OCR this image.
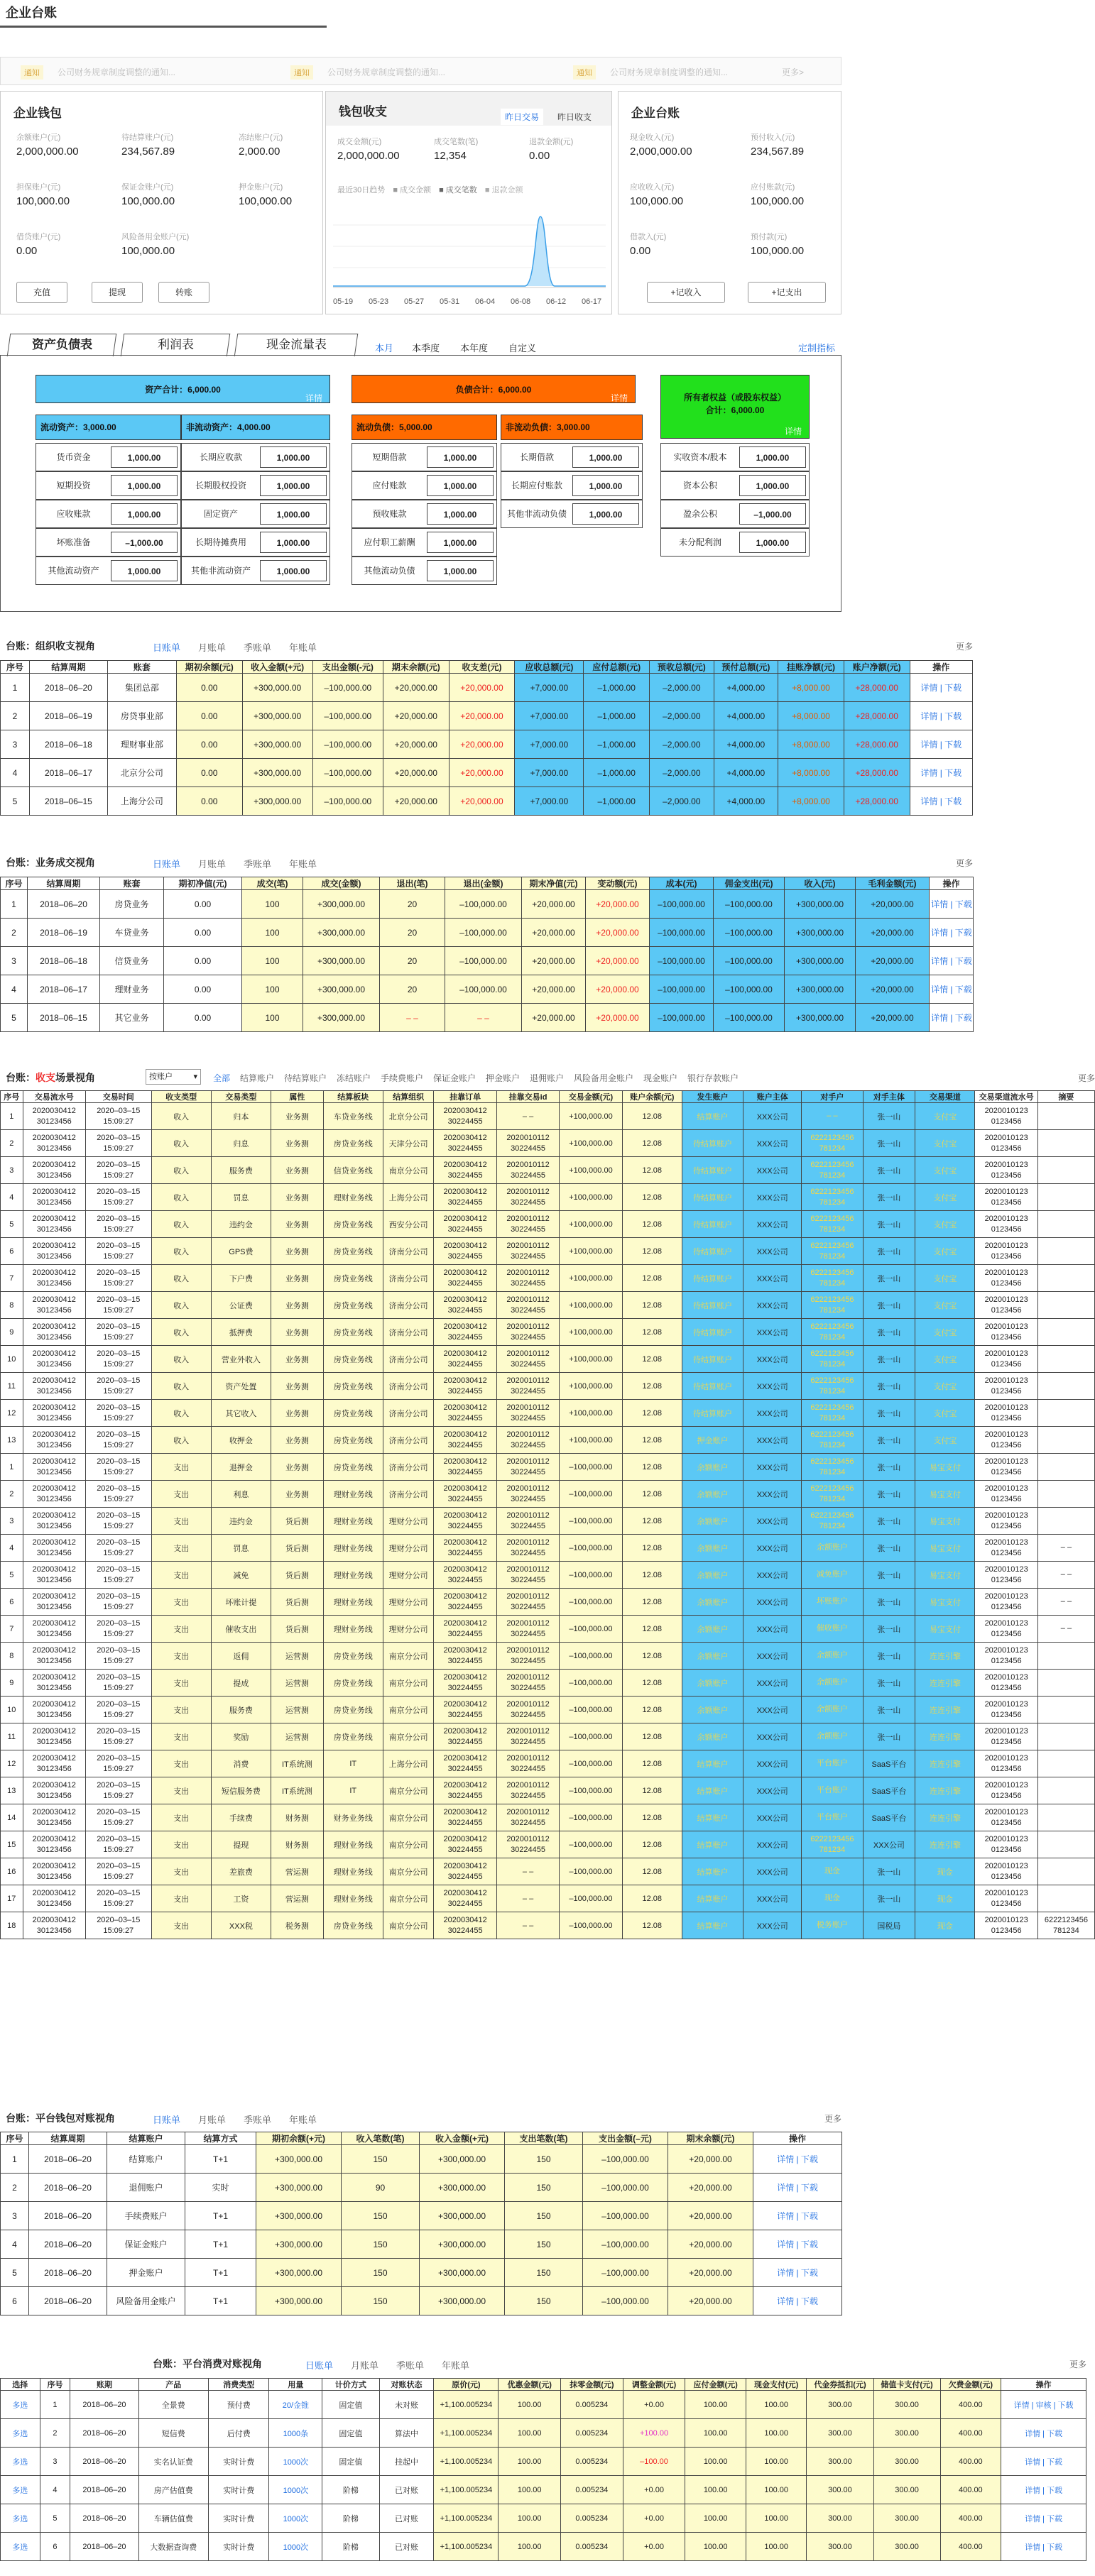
企业台账
通知	公司财务规章制度调整的通知...	通知	公司财务规章制度调整的通知...	通知	公司财务规章制度调整的通知...	更多>
企业钱包
余额账户(元)
2,000,000.00
待结算账户(元)
234,567.89
冻结账户(元)
2,000.00
担保账户(元)
100,000.00
保证金账户(元)
100,000.00
押金账户(元)
100,000.00
借贷账户(元)
0.00
风险备用金账户(元)
100,000.00
充值	提现	转账
钱包收支	昨日交易	昨日收支
成交金额(元)
2,000,000.00
成交笔数(笔)
12,354
退款金额(元)
0.00
最近30日趋势 ■ 成交金额 ■ 成交笔数 ■ 退款金额
05-19 05-23 05-27 05-31 06-04 06-08 06-12 06-17
企业台账
现金收入(元)
2,000,000.00
预付收入(元)
234,567.89
应收收入(元)
100,000.00
应付账款(元)
100,000.00
借款入(元)
0.00
预付款(元)
100,000.00
+记收入	+记支出
资产负债表	利润表	现金流量表	本月 本季度 本年度 自定义	定制指标
资产合计：6,000.00
详情
负债合计：6,000.00
详情	所有者权益（或股东权益）
合计：6,000.00
详情
流动资产：3,000.00	非流动资产：4,000.00	流动负债：5,000.00	非流动负债：3,000.00
货币资金	1,000.00
短期投资	1,000.00
应收账款	1,000.00
坏账准备	–1,000.00
其他流动资产	1,000.00
长期应收款	1,000.00
长期股权投资	1,000.00
固定资产	1,000.00
长期待摊费用	1,000.00
其他非流动资产	1,000.00
短期借款	1,000.00
应付账款	1,000.00
预收账款	1,000.00
应付职工薪酬	1,000.00
其他流动负债	1,000.00
长期借款	1,000.00
长期应付账款	1,000.00
其他非流动负债	1,000.00
实收资本/股本	1,000.00
资本公积	1,000.00
盈余公积	–1,000.00
未分配利润	1,000.00
台账：组织收支视角	日账单 月账单 季账单 年账单	更多
序号	结算周期	账套	期初余额(元)	收入金额(+元)	支出金额(-元)	期末余额(元)	收支差(元)	应收总额(元)	应付总额(元)	预收总额(元)	预付总额(元)	挂账净额(元)	账户净额(元)	操作
1	2018–06–20	集团总部	0.00	+300,000.00	–100,000.00	+20,000.00	+20,000.00	+7,000.00	–1,000.00	–2,000.00	+4,000.00	+8,000.00	+28,000.00	详情 | 下载
2	2018–06–19	房贷事业部	0.00	+300,000.00	–100,000.00	+20,000.00	+20,000.00	+7,000.00	–1,000.00	–2,000.00	+4,000.00	+8,000.00	+28,000.00	详情 | 下载
3	2018–06–18	理财事业部	0.00	+300,000.00	–100,000.00	+20,000.00	+20,000.00	+7,000.00	–1,000.00	–2,000.00	+4,000.00	+8,000.00	+28,000.00	详情 | 下载
4	2018–06–17	北京分公司	0.00	+300,000.00	–100,000.00	+20,000.00	+20,000.00	+7,000.00	–1,000.00	–2,000.00	+4,000.00	+8,000.00	+28,000.00	详情 | 下载
5	2018–06–15	上海分公司	0.00	+300,000.00	–100,000.00	+20,000.00	+20,000.00	+7,000.00	–1,000.00	–2,000.00	+4,000.00	+8,000.00	+28,000.00	详情 | 下载
台账：业务成交视角	日账单 月账单 季账单 年账单	更多
序号	结算周期	账套	期初净值(元)	成交(笔)	成交(金额)	退出(笔)	退出(金额)	期末净值(元)	变动额(元)	成本(元)	佣金支出(元)	收入(元)	毛利金额(元)	操作
1	2018–06–20	房贷业务	0.00	100	+300,000.00	20	–100,000.00	+20,000.00	+20,000.00	–100,000.00	–100,000.00	+300,000.00	+20,000.00	详情 | 下载
2	2018–06–19	车贷业务	0.00	100	+300,000.00	20	–100,000.00	+20,000.00	+20,000.00	–100,000.00	–100,000.00	+300,000.00	+20,000.00	详情 | 下载
3	2018–06–18	信贷业务	0.00	100	+300,000.00	20	–100,000.00	+20,000.00	+20,000.00	–100,000.00	–100,000.00	+300,000.00	+20,000.00	详情 | 下载
4	2018–06–17	理财业务	0.00	100	+300,000.00	20	–100,000.00	+20,000.00	+20,000.00	–100,000.00	–100,000.00	+300,000.00	+20,000.00	详情 | 下载
5	2018–06–15	其它业务	0.00	100	+300,000.00	– –	– –	+20,000.00	+20,000.00	–100,000.00	–100,000.00	+300,000.00	+20,000.00	详情 | 下载
台账：收支场景视角	按账户	▾ 全部 结算账户 待结算账户 冻结账户 手续费账户 保证金账户 押金账户 退佣账户 风险备用金账户 现金账户 银行存款账户	更多
序号	交易流水号	交易时间	收支类型	交易类型	属性	结算板块	结算组织	挂靠订单	挂靠交易id	交易金额(元)	账户余额(元)	发生账户	账户主体	对手户	对手主体	交易渠道	交易渠道流水号	摘要
1	2020030412 30123456	2020–03–15 15:09:27	收入	归本	业务测	车贷业务线	北京分公司	2020030412 30224455	– –	+100,000.00	12.08	结算账户	XXX公司	– –	张一山	支付宝	2020010123 0123456	
2	2020030412 30123456	2020–03–15 15:09:27	收入	归息	业务测	房贷业务线	天津分公司	2020030412 30224455	2020010112 30224455	+100,000.00	12.08	待结算账户	XXX公司	6222123456 781234	张一山	支付宝	2020010123 0123456	
3	2020030412 30123456	2020–03–15 15:09:27	收入	服务费	业务测	信贷业务线	南京分公司	2020030412 30224455	2020010112 30224455	+100,000.00	12.08	待结算账户	XXX公司	6222123456 781234	张一山	支付宝	2020010123 0123456	
4	2020030412 30123456	2020–03–15 15:09:27	收入	罚息	业务测	理财业务线	上海分公司	2020030412 30224455	2020010112 30224455	+100,000.00	12.08	待结算账户	XXX公司	6222123456 781234	张一山	支付宝	2020010123 0123456	
5	2020030412 30123456	2020–03–15 15:09:27	收入	违约金	业务测	房贷业务线	西安分公司	2020030412 30224455	2020010112 30224455	+100,000.00	12.08	待结算账户	XXX公司	6222123456 781234	张一山	支付宝	2020010123 0123456	
6	2020030412 30123456	2020–03–15 15:09:27	收入	GPS费	业务测	房贷业务线	济南分公司	2020030412 30224455	2020010112 30224455	+100,000.00	12.08	待结算账户	XXX公司	6222123456 781234	张一山	支付宝	2020010123 0123456	
7	2020030412 30123456	2020–03–15 15:09:27	收入	下户费	业务测	房贷业务线	济南分公司	2020030412 30224455	2020010112 30224455	+100,000.00	12.08	待结算账户	XXX公司	6222123456 781234	张一山	支付宝	2020010123 0123456	
8	2020030412 30123456	2020–03–15 15:09:27	收入	公证费	业务测	房贷业务线	济南分公司	2020030412 30224455	2020010112 30224455	+100,000.00	12.08	待结算账户	XXX公司	6222123456 781234	张一山	支付宝	2020010123 0123456	
9	2020030412 30123456	2020–03–15 15:09:27	收入	抵押费	业务测	房贷业务线	济南分公司	2020030412 30224455	2020010112 30224455	+100,000.00	12.08	待结算账户	XXX公司	6222123456 781234	张一山	支付宝	2020010123 0123456	
10	2020030412 30123456	2020–03–15 15:09:27	收入	营业外收入	业务测	房贷业务线	济南分公司	2020030412 30224455	2020010112 30224455	+100,000.00	12.08	待结算账户	XXX公司	6222123456 781234	张一山	支付宝	2020010123 0123456	
11	2020030412 30123456	2020–03–15 15:09:27	收入	资产处置	业务测	房贷业务线	济南分公司	2020030412 30224455	2020010112 30224455	+100,000.00	12.08	待结算账户	XXX公司	6222123456 781234	张一山	支付宝	2020010123 0123456	
12	2020030412 30123456	2020–03–15 15:09:27	收入	其它收入	业务测	房贷业务线	济南分公司	2020030412 30224455	2020010112 30224455	+100,000.00	12.08	待结算账户	XXX公司	6222123456 781234	张一山	支付宝	2020010123 0123456	
13	2020030412 30123456	2020–03–15 15:09:27	收入	收押金	业务测	房贷业务线	济南分公司	2020030412 30224455	2020010112 30224455	+100,000.00	12.08	押金账户	XXX公司	6222123456 781234	张一山	支付宝	2020010123 0123456	
1	2020030412 30123456	2020–03–15 15:09:27	支出	退押金	业务测	房贷业务线	济南分公司	2020030412 30224455	2020010112 30224455	–100,000.00	12.08	余额账户	XXX公司	6222123456 781234	张一山	易宝支付	2020010123 0123456	
2	2020030412 30123456	2020–03–15 15:09:27	支出	利息	业务测	理财业务线	济南分公司	2020030412 30224455	2020010112 30224455	–100,000.00	12.08	余额账户	XXX公司	6222123456 781234	张一山	易宝支付	2020010123 0123456	
3	2020030412 30123456	2020–03–15 15:09:27	支出	违约金	货后测	理财业务线	理财分公司	2020030412 30224455	2020010112 30224455	–100,000.00	12.08	余额账户	XXX公司	6222123456 781234	张一山	易宝支付	2020010123 0123456	
4	2020030412 30123456	2020–03–15 15:09:27	支出	罚息	货后测	理财业务线	理财分公司	2020030412 30224455	2020010112 30224455	–100,000.00	12.08	余额账户	XXX公司	余额账户	张一山	易宝支付	2020010123 0123456	– –
5	2020030412 30123456	2020–03–15 15:09:27	支出	减免	货后测	理财业务线	理财分公司	2020030412 30224455	2020010112 30224455	–100,000.00	12.08	余额账户	XXX公司	减免账户	张一山	易宝支付	2020010123 0123456	– –
6	2020030412 30123456	2020–03–15 15:09:27	支出	坏账计提	货后测	理财业务线	理财分公司	2020030412 30224455	2020010112 30224455	–100,000.00	12.08	余额账户	XXX公司	坏账账户	张一山	易宝支付	2020010123 0123456	– –
7	2020030412 30123456	2020–03–15 15:09:27	支出	催收支出	货后测	理财业务线	理财分公司	2020030412 30224455	2020010112 30224455	–100,000.00	12.08	余额账户	XXX公司	催收账户	张一山	易宝支付	2020010123 0123456	– –
8	2020030412 30123456	2020–03–15 15:09:27	支出	返佣	运营测	房贷业务线	南京分公司	2020030412 30224455	2020010112 30224455	–100,000.00	12.08	余额账户	XXX公司	余额账户	张一山	连连引擎	2020010123 0123456	
9	2020030412 30123456	2020–03–15 15:09:27	支出	提成	运营测	房贷业务线	南京分公司	2020030412 30224455	2020010112 30224455	–100,000.00	12.08	余额账户	XXX公司	余额账户	张一山	连连引擎	2020010123 0123456	
10	2020030412 30123456	2020–03–15 15:09:27	支出	服务费	运营测	房贷业务线	南京分公司	2020030412 30224455	2020010112 30224455	–100,000.00	12.08	余额账户	XXX公司	余额账户	张一山	连连引擎	2020010123 0123456	
11	2020030412 30123456	2020–03–15 15:09:27	支出	奖励	运营测	房贷业务线	南京分公司	2020030412 30224455	2020010112 30224455	–100,000.00	12.08	余额账户	XXX公司	余额账户	张一山	连连引擎	2020010123 0123456	
12	2020030412 30123456	2020–03–15 15:09:27	支出	消费	IT系统测	IT	上海分公司	2020030412 30224455	2020010112 30224455	–100,000.00	12.08	结算账户	XXX公司	平台账户	SaaS平台	连连引擎	2020010123 0123456	
13	2020030412 30123456	2020–03–15 15:09:27	支出	短信服务费	IT系统测	IT	南京分公司	2020030412 30224455	2020010112 30224455	–100,000.00	12.08	结算账户	XXX公司	平台账户	SaaS平台	连连引擎	2020010123 0123456	
14	2020030412 30123456	2020–03–15 15:09:27	支出	手续费	财务测	财务业务线	南京分公司	2020030412 30224455	2020010112 30224455	–100,000.00	12.08	结算账户	XXX公司	平台账户	SaaS平台	连连引擎	2020010123 0123456	
15	2020030412 30123456	2020–03–15 15:09:27	支出	提现	财务测	理财业务线	南京分公司	2020030412 30224455	2020010112 30224455	–100,000.00	12.08	结算账户	XXX公司	6222123456 781234	XXX公司	连连引擎	2020010123 0123456	
16	2020030412 30123456	2020–03–15 15:09:27	支出	差旅费	营运测	理财业务线	南京分公司	2020030412 30224455	– –	–100,000.00	12.08	结算账户	XXX公司	现金	张一山	现金	2020010123 0123456	
17	2020030412 30123456	2020–03–15 15:09:27	支出	工资	营运测	理财业务线	南京分公司	2020030412 30224455	– –	–100,000.00	12.08	结算账户	XXX公司	现金	张一山	现金	2020010123 0123456	
18	2020030412 30123456	2020–03–15 15:09:27	支出	XXX税	税务测	房贷业务线	南京分公司	2020030412 30224455	– –	–100,000.00	12.08	结算账户	XXX公司	税务账户	国税局	现金	2020010123 0123456	6222123456 781234
台账：平台钱包对账视角	日账单 月账单 季账单 年账单	更多
序号	结算周期	结算账户	结算方式	期初余额(+元)	收入笔数(笔)	收入金额(+元)	支出笔数(笔)	支出金额(–元)	期末余额(元)	操作
1	2018–06–20	结算账户	T+1	+300,000.00	150	+300,000.00	150	–100,000.00	+20,000.00	详情 | 下载
2	2018–06–20	退佣账户	实时	+300,000.00	90	+300,000.00	150	–100,000.00	+20,000.00	详情 | 下载
3	2018–06–20	手续费账户	T+1	+300,000.00	150	+300,000.00	150	–100,000.00	+20,000.00	详情 | 下载
4	2018–06–20	保证金账户	T+1	+300,000.00	150	+300,000.00	150	–100,000.00	+20,000.00	详情 | 下载
5	2018–06–20	押金账户	T+1	+300,000.00	150	+300,000.00	150	–100,000.00	+20,000.00	详情 | 下载
6	2018–06–20	风险备用金账户	T+1	+300,000.00	150	+300,000.00	150	–100,000.00	+20,000.00	详情 | 下载
台账：平台消费对账视角	日账单 月账单 季账单 年账单	更多
选择	序号	账期	产品	消费类型	用量	计价方式	对账状态	原价(元)	优惠金额(元)	抹零金额(元)	调整金额(元)	应付金额(元)	现金支付(元)	代金券抵扣(元)	储值卡支付(元)	欠费金额(元)	操作
多选	1	2018–06–20	全景费	预付费	20/金锥	固定值	未对账	+1,100.005234	100.00	0.005234	+0.00	100.00	100.00	300.00	300.00	400.00	详情 | 审核 | 下载
多选	2	2018–06–20	短信费	后付费	1000条	固定值	算法中	+1,100.005234	100.00	0.005234	+100.00	100.00	100.00	300.00	300.00	400.00	详情 | 下载
多选	3	2018–06–20	实名认证费	实时计费	1000次	固定值	挂起中	+1,100.005234	100.00	0.005234	–100.00	100.00	100.00	300.00	300.00	400.00	详情 | 下载
多选	4	2018–06–20	房产估值费	实时计费	1000次	阶梯	已对账	+1,100.005234	100.00	0.005234	+0.00	100.00	100.00	300.00	300.00	400.00	详情 | 下载
多选	5	2018–06–20	车辆估值费	实时计费	1000次	阶梯	已对账	+1,100.005234	100.00	0.005234	+0.00	100.00	100.00	300.00	300.00	400.00	详情 | 下载
多选	6	2018–06–20	大数据查询费	实时计费	1000次	阶梯	已对账	+1,100.005234	100.00	0.005234	+0.00	100.00	100.00	300.00	300.00	400.00	详情 | 下载
